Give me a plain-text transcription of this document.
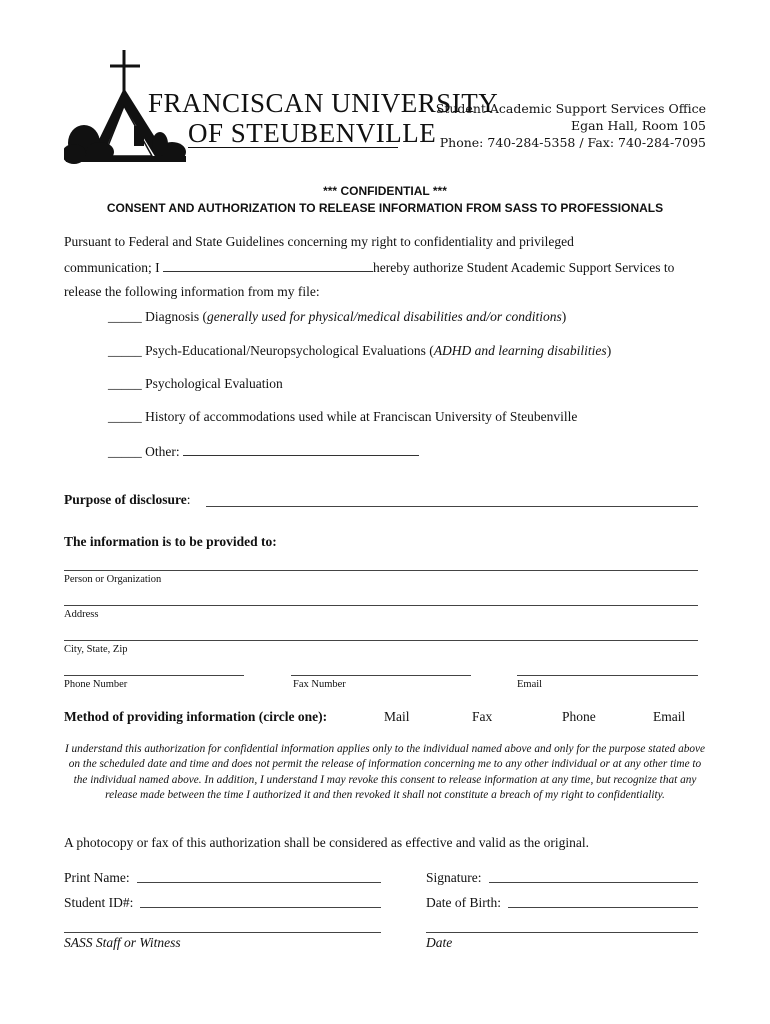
FRANCISCAN UNIVERSITY
OF STEUBENVILLE
Student Academic Support Services Office
Egan Hall, Room 105
Phone: 740-284-5358 / Fax: 740-284-7095
*** CONFIDENTIAL ***
CONSENT AND AUTHORIZATION TO RELEASE INFORMATION FROM SASS TO PROFESSIONALS
Pursuant to Federal and State Guidelines concerning my right to confidentiality and privileged
communication; I	hereby authorize Student Academic Support Services to
release the following information from my file:
_____ Diagnosis (generally used for physical/medical disabilities and/or conditions)
_____ Psych-Educational/Neuropsychological Evaluations (ADHD and learning disabilities)
_____ Psychological Evaluation
_____ History of accommodations used while at Franciscan University of Steubenville
_____ Other:
Purpose of disclosure:
The information is to be provided to:
Person or Organization
Address
City, State, Zip
Phone Number	Fax Number	Email
Method of providing information (circle one):	Mail	Fax	Phone	Email
I understand this authorization for confidential information applies only to the individual named above and only for the purpose stated above on the scheduled date and time and does not permit the release of information concerning me to any other individual or at any other time to the individual named above. In addition, I understand I may revoke this consent to release information at any time, but recognize that any release made between the time I authorized it and then revoked it shall not constitute a breach of my right to confidentiality.
A photocopy or fax of this authorization shall be considered as effective and valid as the original.
Print Name:	Signature:
Student ID#:	Date of Birth:
SASS Staff or Witness	Date
